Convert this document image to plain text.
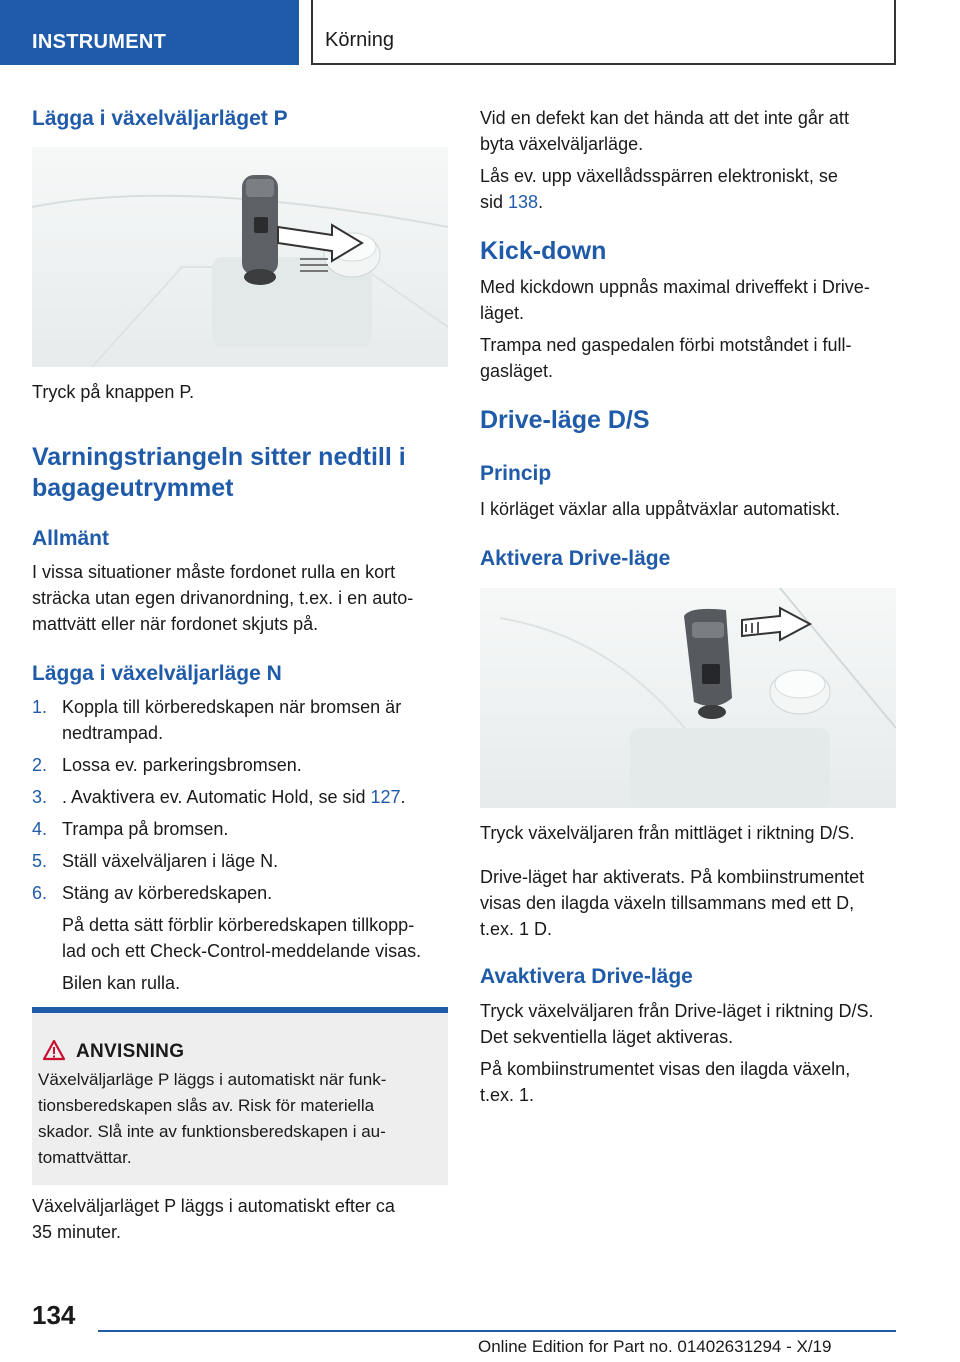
INSTRUMENT	Körning
Lägga i växelväljarläget P
Tryck på knappen P.
Varningstriangeln sitter nedtill i
bagageutrymmet
Allmänt
I vissa situationer måste fordonet rulla en kort
sträcka utan egen drivanordning, t.ex. i en auto-
mattvätt eller när fordonet skjuts på.
Lägga i växelväljarläge N
1. Koppla till körberedskapen när bromsen är
nedtrampad.
2. Lossa ev. parkeringsbromsen.
3. . Avaktivera ev. Automatic Hold, se sid 127.
4. Trampa på bromsen.
5. Ställ växelväljaren i läge N.
6. Stäng av körberedskapen.
På detta sätt förblir körberedskapen tillkopp-
lad och ett Check-Control-meddelande visas.
Bilen kan rulla.
ANVISNING
Växelväljarläge P läggs i automatiskt när funk-
tionsberedskapen slås av. Risk för materiella
skador. Slå inte av funktionsberedskapen i au-
tomattvättar.
Växelväljarläget P läggs i automatiskt efter ca
35 minuter.
Vid en defekt kan det hända att det inte går att
byta växelväljarläge.
Lås ev. upp växellådsspärren elektroniskt, se
sid 138.
Kick-down
Med kickdown uppnås maximal driveffekt i Drive-
läget.
Trampa ned gaspedalen förbi motståndet i full-
gasläget.
Drive-läge D/S
Princip
I körläget växlar alla uppåtväxlar automatiskt.
Aktivera Drive-läge
Tryck växelväljaren från mittläget i riktning D/S.
Drive-läget har aktiverats. På kombiinstrumentet
visas den ilagda växeln tillsammans med ett D,
t.ex. 1 D.
Avaktivera Drive-läge
Tryck växelväljaren från Drive-läget i riktning D/S.
Det sekventiella läget aktiveras.
På kombiinstrumentet visas den ilagda växeln,
t.ex. 1.
134
Online Edition for Part no. 01402631294 - X/19
